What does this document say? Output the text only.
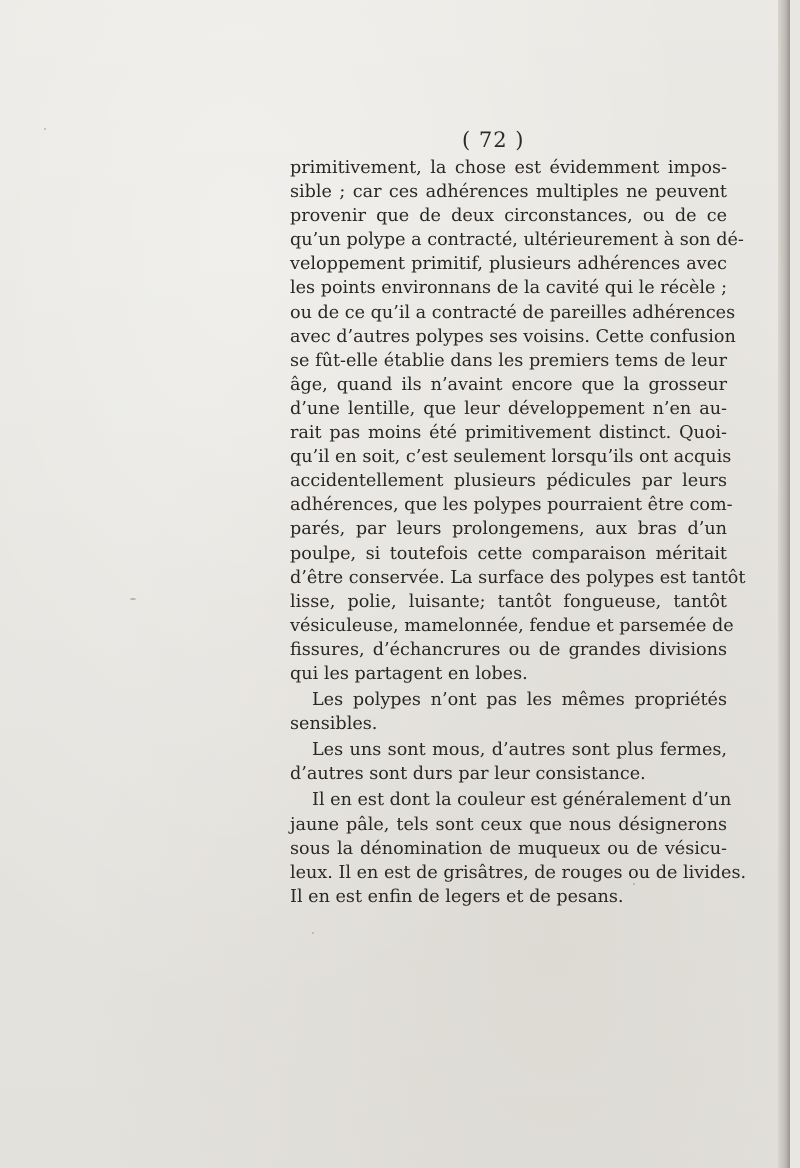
( 72 )
primitivement, la chose est évidemment impos-
sible ; car ces adhérences multiples ne peuvent
provenir que de deux circonstances, ou de ce
qu’un polype a contracté, ultérieurement à son dé-
veloppement primitif, plusieurs adhérences avec
les points environnans de la cavité qui le récèle ;
ou de ce qu’il a contracté de pareilles adhérences
avec d’autres polypes ses voisins. Cette confusion
se fût-elle établie dans les premiers tems de leur
âge, quand ils n’avaint encore que la grosseur
d’une lentille, que leur développement n’en au-
rait pas moins été primitivement distinct. Quoi-
qu’il en soit, c’est seulement lorsqu’ils ont acquis
accidentellement plusieurs pédicules par leurs
adhérences, que les polypes pourraient être com-
parés, par leurs prolongemens, aux bras d’un
poulpe, si toutefois cette comparaison méritait
d’être conservée. La surface des polypes est tantôt
lisse, polie, luisante; tantôt fongueuse, tantôt
vésiculeuse, mamelonnée, fendue et parsemée de
fissures, d’échancrures ou de grandes divisions
qui les partagent en lobes.
Les polypes n’ont pas les mêmes propriétés
sensibles.
Les uns sont mous, d’autres sont plus fermes,
d’autres sont durs par leur consistance.
Il en est dont la couleur est généralement d’un
jaune pâle, tels sont ceux que nous désignerons
sous la dénomination de muqueux ou de vésicu-
leux. Il en est de grisâtres, de rouges ou de livides.
Il en est enfin de legers et de pesans.
